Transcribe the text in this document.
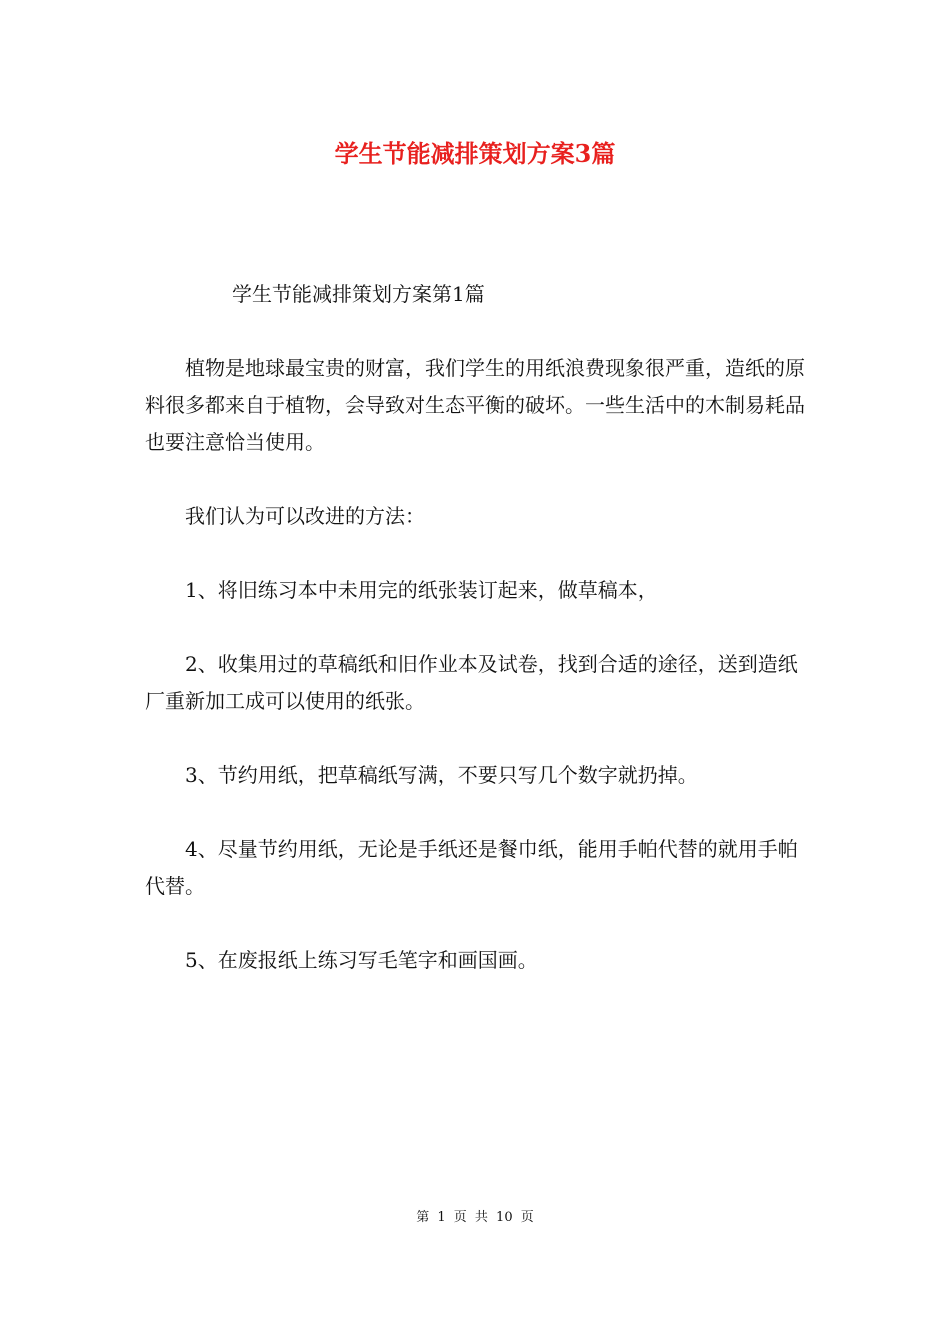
学生节能减排策划方案3篇

学生节能减排策划方案第1篇

植物是地球最宝贵的财富，我们学生的用纸浪费现象很严重，造纸的原料很多都来自于植物，会导致对生态平衡的破坏。一些生活中的木制易耗品也要注意恰当使用。

我们认为可以改进的方法：

1、将旧练习本中未用完的纸张装订起来，做草稿本，

2、收集用过的草稿纸和旧作业本及试卷，找到合适的途径，送到造纸厂重新加工成可以使用的纸张。

3、节约用纸，把草稿纸写满，不要只写几个数字就扔掉。

4、尽量节约用纸，无论是手纸还是餐巾纸，能用手帕代替的就用手帕代替。

5、在废报纸上练习写毛笔字和画国画。

第 1 页 共 10 页
